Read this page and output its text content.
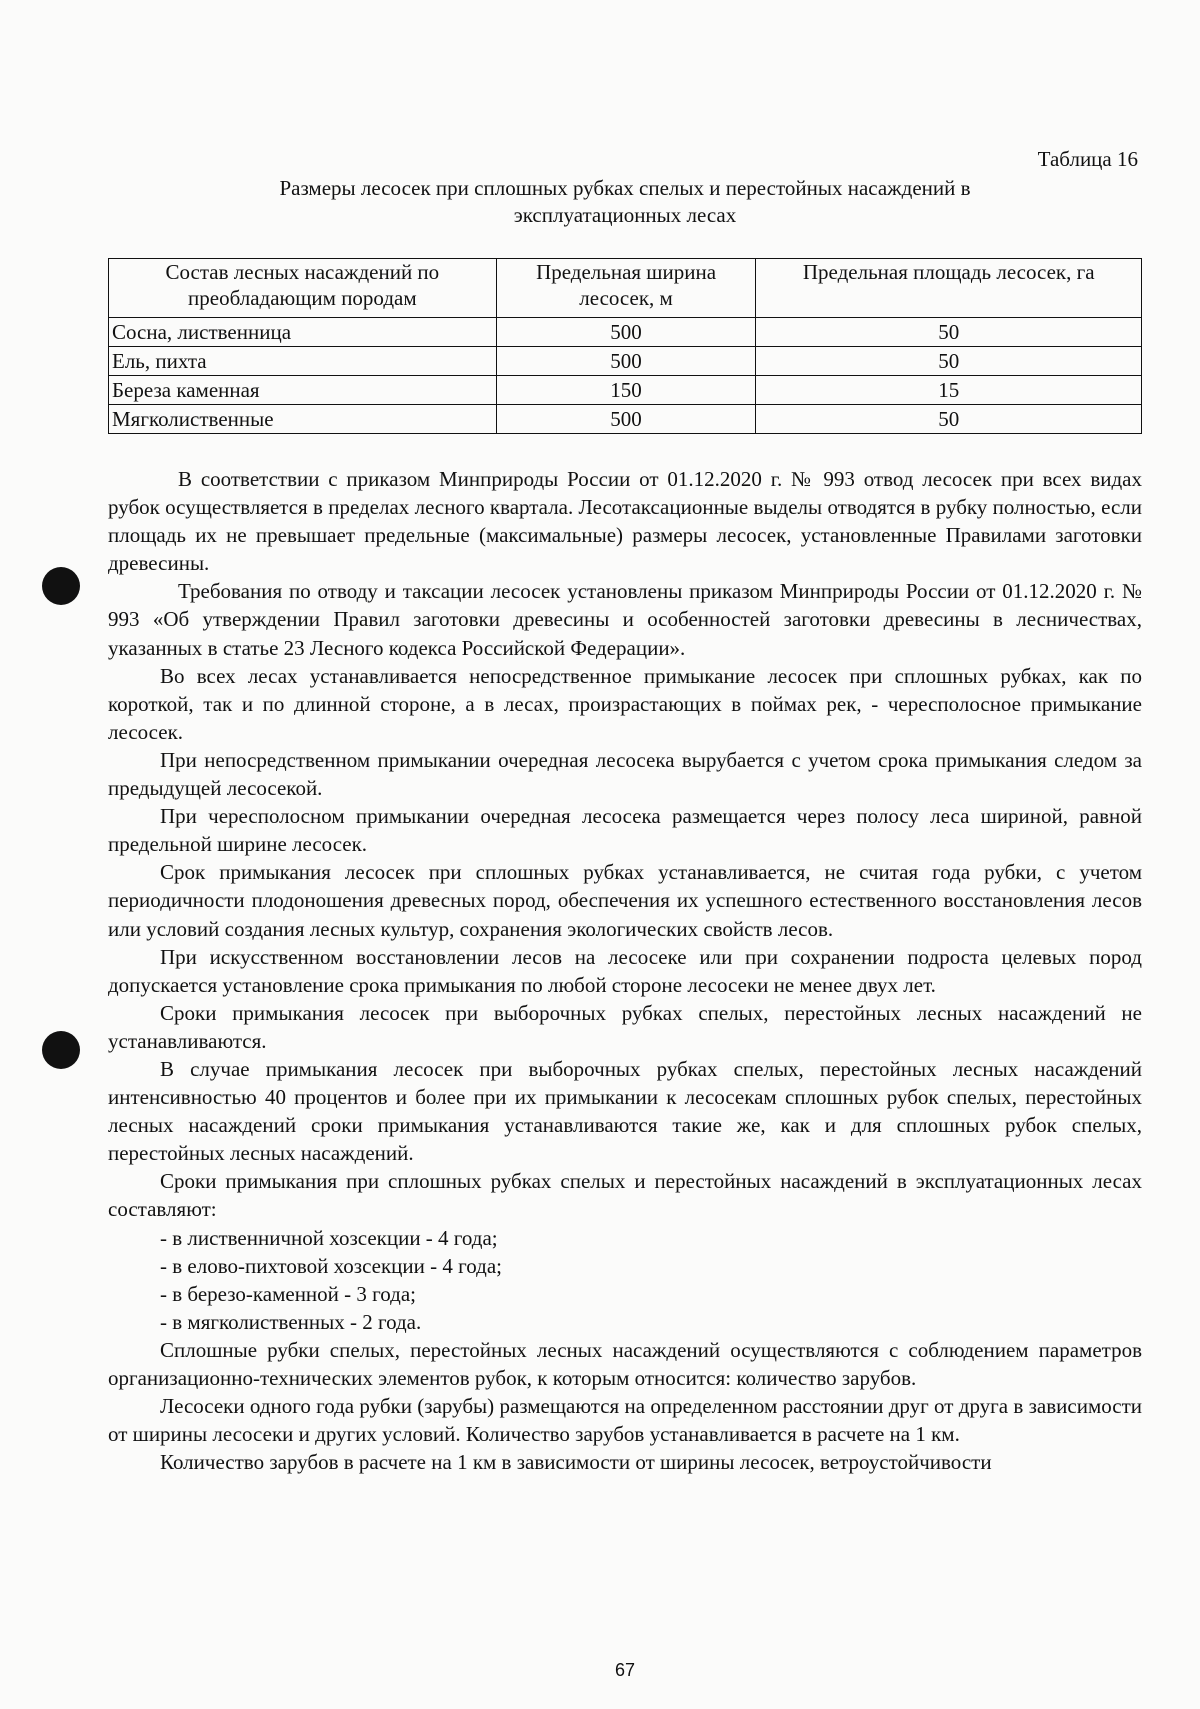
Таблица 16
Размеры лесосек при сплошных рубках спелых и перестойных насаждений в
эксплуатационных лесах
Состав лесных насаждений по преобладающим породам	Предельная ширина лесосек, м	Предельная площадь лесосек, га
Сосна, лиственница	500	50
Ель, пихта	500	50
Береза каменная	150	15
Мягколиственные	500	50

В соответствии с приказом Минприроды России от 01.12.2020 г. № 993 отвод лесосек при всех видах рубок осуществляется в пределах лесного квартала. Лесотаксационные выделы отводятся в рубку полностью, если площадь их не превышает предельные (максимальные) размеры лесосек, установленные Правилами заготовки древесины.

Требования по отводу и таксации лесосек установлены приказом Минприроды России от 01.12.2020 г. № 993 «Об утверждении Правил заготовки древесины и особенностей заготовки древесины в лесничествах, указанных в статье 23 Лесного кодекса Российской Федерации».

Во всех лесах устанавливается непосредственное примыкание лесосек при сплошных рубках, как по короткой, так и по длинной стороне, а в лесах, произрастающих в поймах рек, - чересполосное примыкание лесосек.

При непосредственном примыкании очередная лесосека вырубается с учетом срока примыкания следом за предыдущей лесосекой.

При чересполосном примыкании очередная лесосека размещается через полосу леса шириной, равной предельной ширине лесосек.

Срок примыкания лесосек при сплошных рубках устанавливается, не считая года рубки, с учетом периодичности плодоношения древесных пород, обеспечения их успешного естественного восстановления лесов или условий создания лесных культур, сохранения экологических свойств лесов.

При искусственном восстановлении лесов на лесосеке или при сохранении подроста целевых пород допускается установление срока примыкания по любой стороне лесосеки не менее двух лет.

Сроки примыкания лесосек при выборочных рубках спелых, перестойных лесных насаждений не устанавливаются.

В случае примыкания лесосек при выборочных рубках спелых, перестойных лесных насаждений интенсивностью 40 процентов и более при их примыкании к лесосекам сплошных рубок спелых, перестойных лесных насаждений сроки примыкания устанавливаются такие же, как и для сплошных рубок спелых, перестойных лесных насаждений.

Сроки примыкания при сплошных рубках спелых и перестойных насаждений в эксплуатационных лесах составляют:

- в лиственничной хозсекции - 4 года;
- в елово-пихтовой хозсекции - 4 года;
- в березо-каменной - 3 года;
- в мягколиственных - 2 года.

Сплошные рубки спелых, перестойных лесных насаждений осуществляются с соблюдением параметров организационно-технических элементов рубок, к которым относится: количество зарубов.

Лесосеки одного года рубки (зарубы) размещаются на определенном расстоянии друг от друга в зависимости от ширины лесосеки и других условий. Количество зарубов устанавливается в расчете на 1 км.

Количество зарубов в расчете на 1 км в зависимости от ширины лесосек, ветроустойчивости

67
